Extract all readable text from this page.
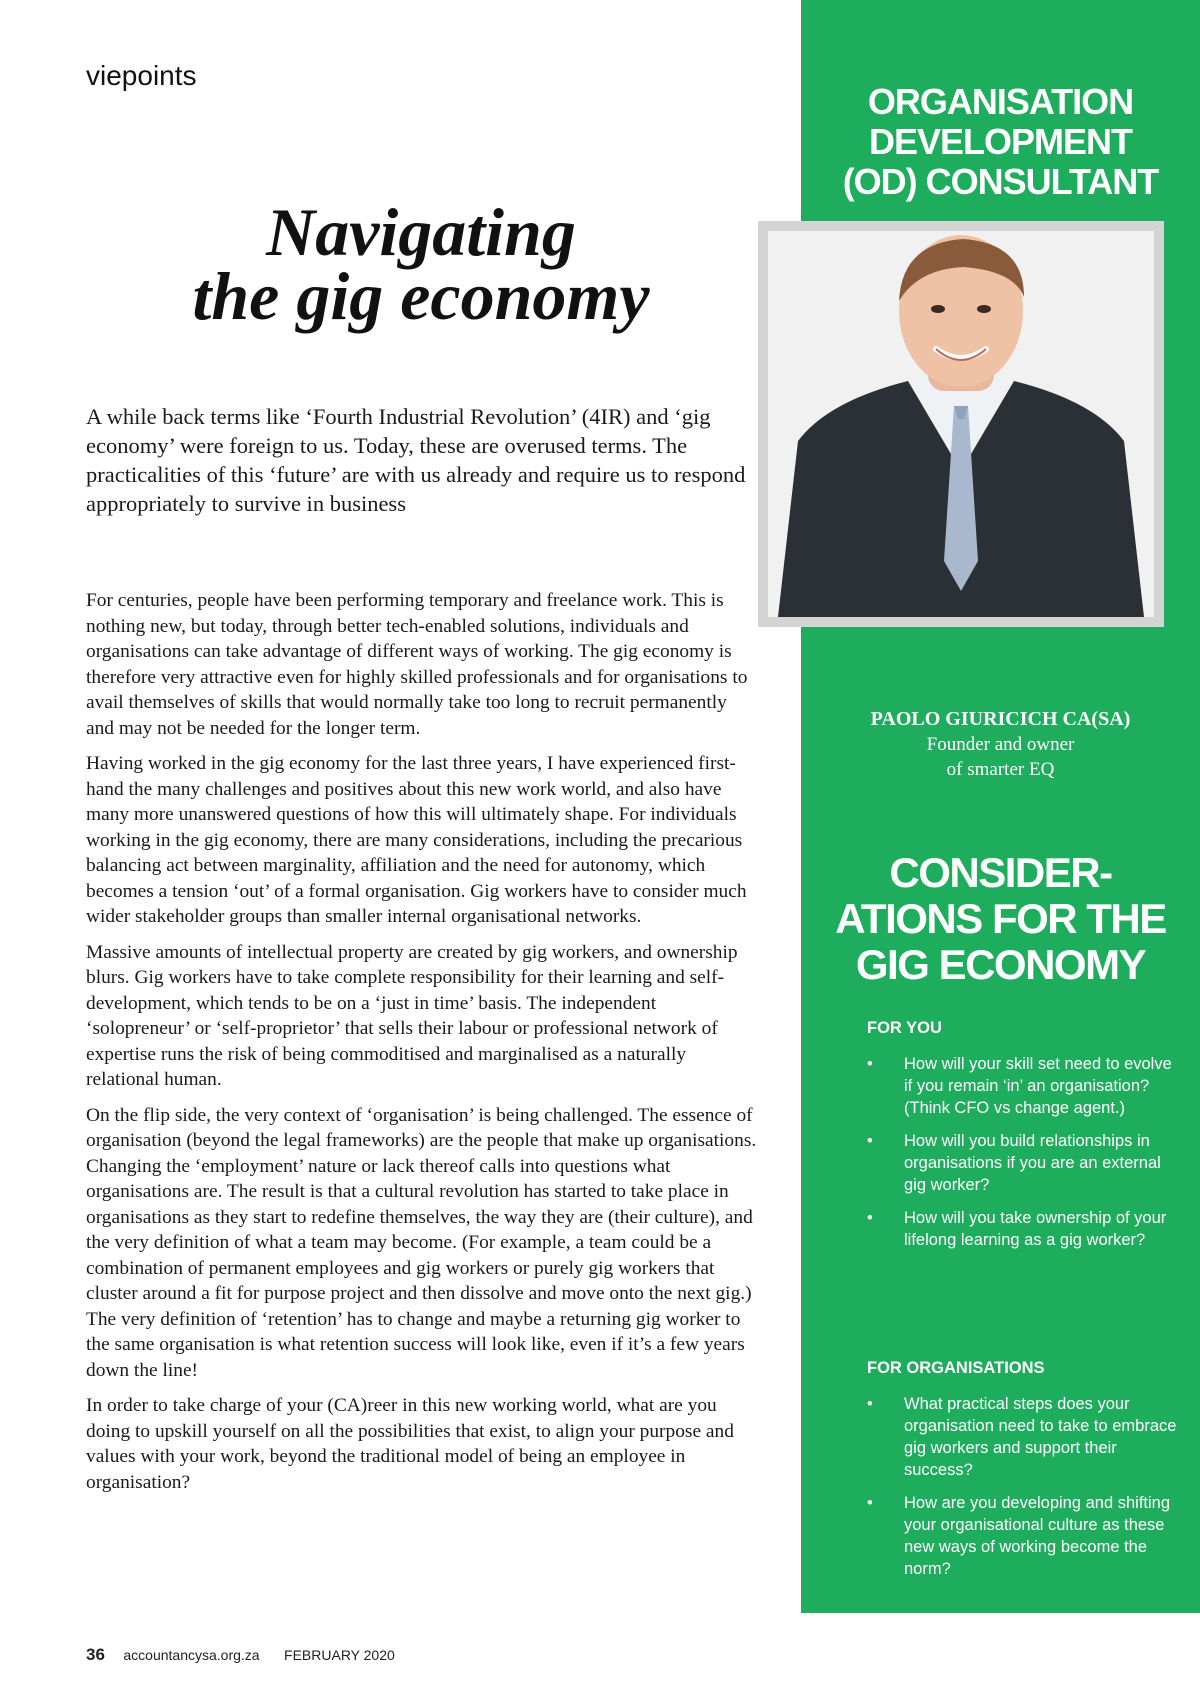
viepoints
Navigating
the gig economy
A while back terms like ‘Fourth Industrial Revolution’ (4IR) and ‘gig economy’ were foreign to us. Today, these are overused terms. The practicalities of this ‘future’ are with us already and require us to respond appropriately to survive in business

For centuries, people have been performing temporary and freelance work. This is nothing new, but today, through better tech-enabled solutions, individuals and organisations can take advantage of different ways of working. The gig economy is therefore very attractive even for highly skilled professionals and for organisations to avail themselves of skills that would normally take too long to recruit permanently and may not be needed for the longer term.

Having worked in the gig economy for the last three years, I have experienced first-hand the many challenges and positives about this new work world, and also have many more unanswered questions of how this will ultimately shape. For individuals working in the gig economy, there are many considerations, including the precarious balancing act between marginality, affiliation and the need for autonomy, which becomes a tension ‘out’ of a formal organisation. Gig workers have to consider much wider stakeholder groups than smaller internal organisational networks.

Massive amounts of intellectual property are created by gig workers, and ownership blurs. Gig workers have to take complete responsibility for their learning and self-development, which tends to be on a ‘just in time’ basis. The independent ‘solopreneur’ or ‘self-proprietor’ that sells their labour or professional network of expertise runs the risk of being commoditised and marginalised as a naturally relational human.

On the flip side, the very context of ‘organisation’ is being challenged. The essence of organisation (beyond the legal frameworks) are the people that make up organisations. Changing the ‘employment’ nature or lack thereof calls into questions what organisations are. The result is that a cultural revolution has started to take place in organisations as they start to redefine themselves, the way they are (their culture), and the very definition of what a team may become. (For example, a team could be a combination of permanent employees and gig workers or purely gig workers that cluster around a fit for purpose project and then dissolve and move onto the next gig.) The very definition of ‘retention’ has to change and maybe a returning gig worker to the same organisation is what retention success will look like, even if it’s a few years down the line!

In order to take charge of your (CA)reer in this new working world, what are you doing to upskill yourself on all the possibilities that exist, to align your purpose and values with your work, beyond the traditional model of being an employee in organisation?

ORGANISATION
DEVELOPMENT
(OD) CONSULTANT
PAOLO GIURICICH CA(SA)
Founder and owner
of smarter EQ
CONSIDER-
ATIONS FOR THE
GIG ECONOMY
FOR YOU
• How will your skill set need to evolve if you remain ‘in’ an organisation? (Think CFO vs change agent.)
• How will you build relationships in organisations if you are an external gig worker?
• How will you take ownership of your lifelong learning as a gig worker?
FOR ORGANISATIONS
• What practical steps does your organisation need to take to embrace gig workers and support their success?
• How are you developing and shifting your organisational culture as these new ways of working become the norm?
36 accountancysa.org.za FEBRUARY 2020
